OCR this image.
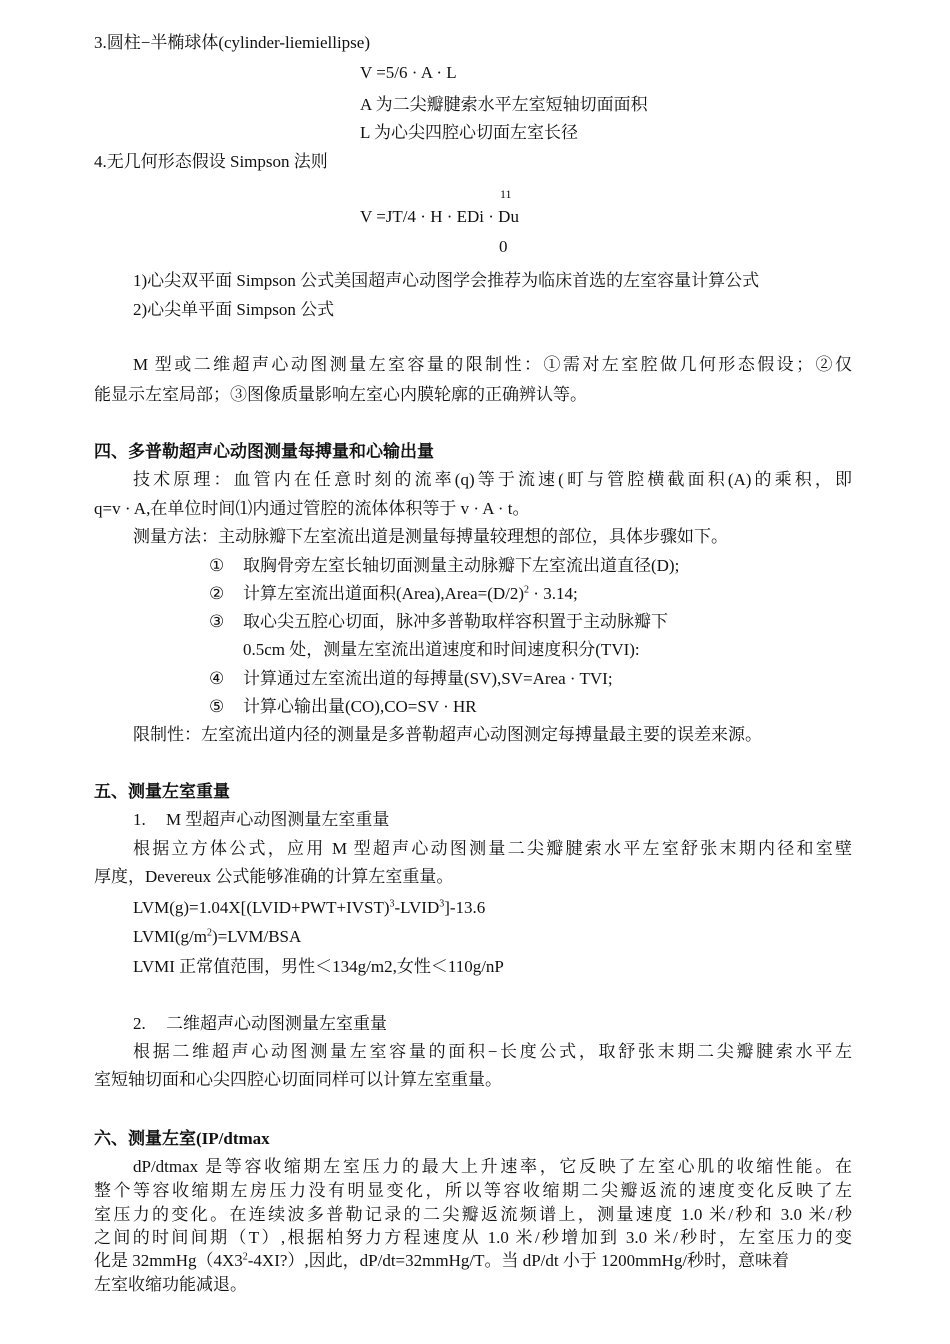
3.圆柱−半椭球体(cylinder-liemiellipse)
V =5/6 · A · L
A 为二尖瓣腱索水平左室短轴切面面积
L 为心尖四腔心切面左室长径
4.无几何形态假设 Simpson 法则
11
V =JT/4 · H · EDi · Du
0
1)心尖双平面 Simpson 公式美国超声心动图学会推荐为临床首选的左室容量计算公式
2)心尖单平面 Simpson 公式
M 型或二维超声心动图测量左室容量的限制性：①需对左室腔做几何形态假设；②仅
能显示左室局部；③图像质量影响左室心内膜轮廓的正确辨认等。
四、多普勒超声心动图测量每搏量和心输出量
技术原理：血管内在任意时刻的流率(q)等于流速(町与管腔横截面积(A)的乘积，即
q=v · A,在单位时间⑴内通过管腔的流体体积等于 v · A · t。
测量方法：主动脉瓣下左室流出道是测量每搏量较理想的部位，具体步骤如下。
① 取胸骨旁左室长轴切面测量主动脉瓣下左室流出道直径(D);
② 计算左室流出道面积$(Area),Area=(D/2)^2 \cdot 3.14$;
③ 取心尖五腔心切面，脉冲多普勒取样容积置于主动脉瓣下
0.5cm 处，测量左室流出道速度和时间速度积分(TVI):
④ 计算通过左室流出道的每搏量(SV),SV=Area · TVI;
⑤ 计算心输出量(CO),CO=SV · HR
限制性：左室流出道内径的测量是多普勒超声心动图测定每搏量最主要的误差来源。
五、测量左室重量
1. M 型超声心动图测量左室重量
根据立方体公式，应用 M 型超声心动图测量二尖瓣腱索水平左室舒张末期内径和室壁
厚度，Devereux 公式能够准确的计算左室重量。
$LVM(g)=1.04X[(LVID+PWT+IVST)^3-LVID^3]-13.6$
$LVMI(g/m^2)=LVM$/BSA
LVMI 正常值范围，男性＜134g/m2,女性＜110g/nP
2. 二维超声心动图测量左室重量
根据二维超声心动图测量左室容量的面积−长度公式，取舒张末期二尖瓣腱索水平左
室短轴切面和心尖四腔心切面同样可以计算左室重量。
六、测量左室(IP/dtmax
dP/dtmax 是等容收缩期左室压力的最大上升速率，它反映了左室心肌的收缩性能。在
整个等容收缩期左房压力没有明显变化，所以等容收缩期二尖瓣返流的速度变化反映了左
室压力的变化。在连续波多普勒记录的二尖瓣返流频谱上，测量速度 1.0 米/秒和 3.0 米/秒
之间的时间间期（T）,根据柏努力方程速度从 1.0 米/秒增加到 3.0 米/秒时，左室压力的变
化是 $32mmHg(4X3^2-4XI?)$,因此，dP/dt=32mmHg/T。当 dP/dt 小于 1200mmHg/秒时，意味着
左室收缩功能减退。
